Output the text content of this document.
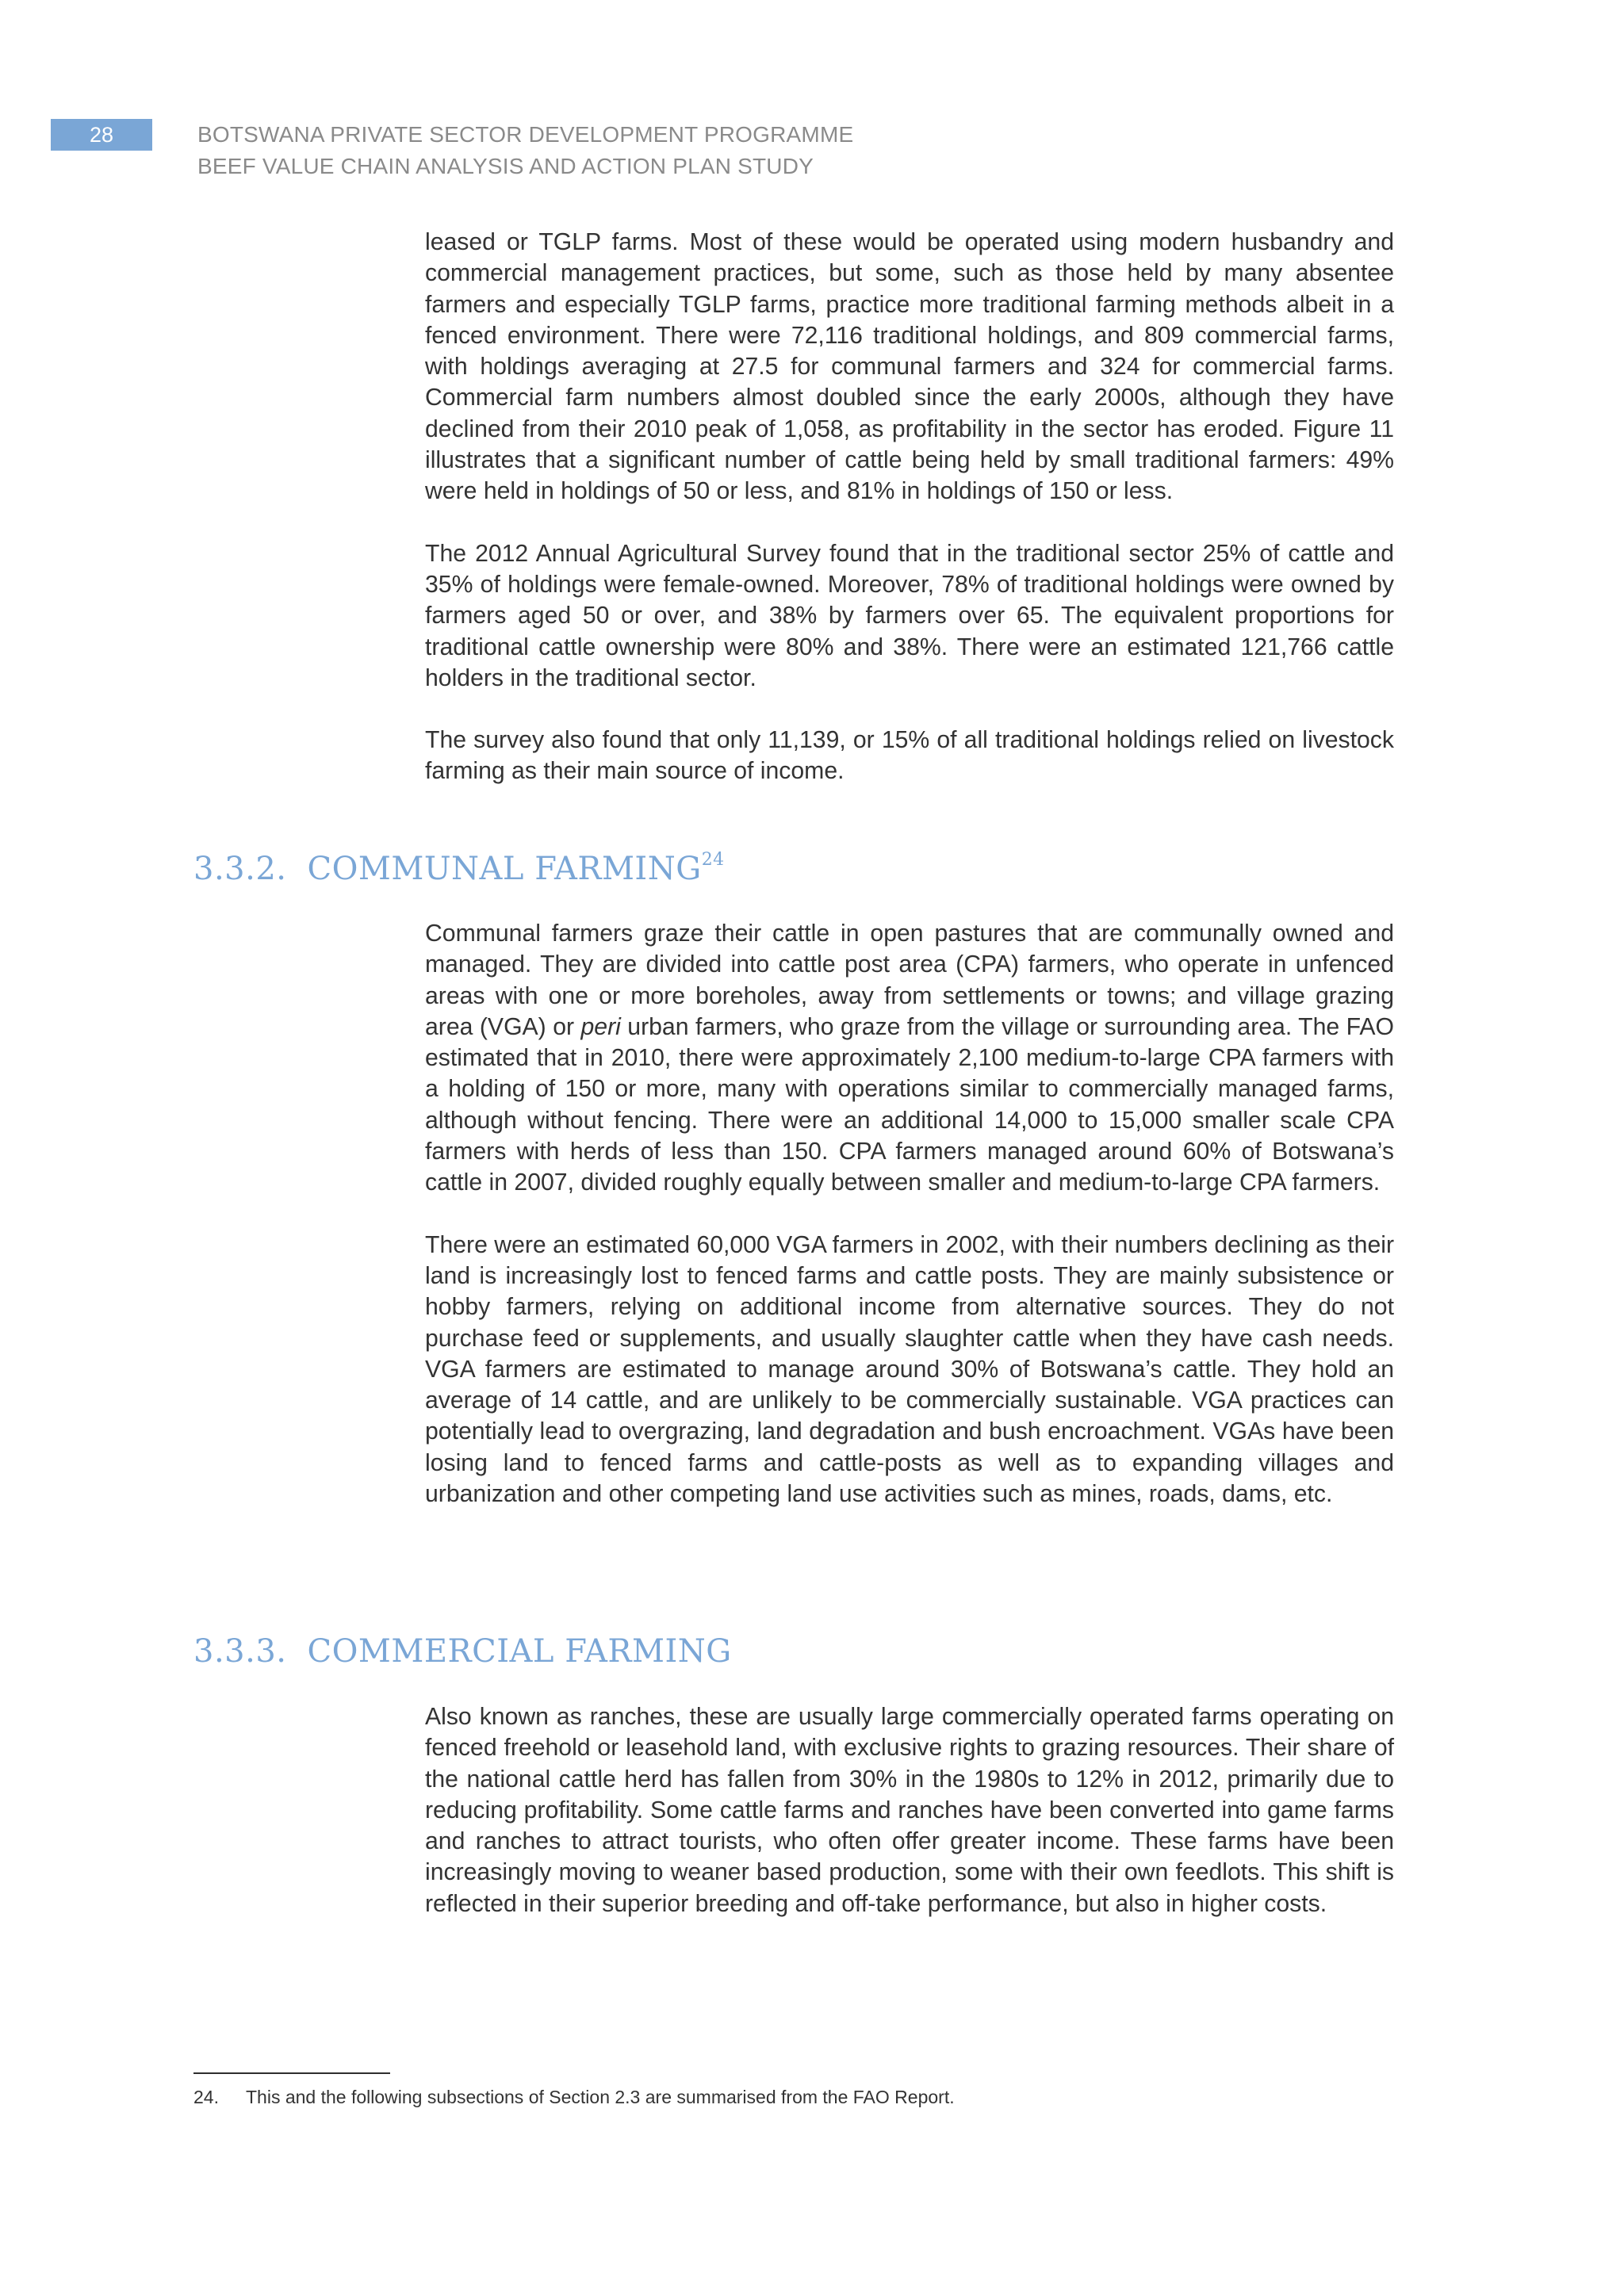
28	BOTSWANA PRIVATE SECTOR DEVELOPMENT PROGRAMME
BEEF VALUE CHAIN ANALYSIS AND ACTION PLAN STUDY

leased or TGLP farms. Most of these would be operated using modern husbandry and commercial management practices, but some, such as those held by many absentee farmers and especially TGLP farms, practice more traditional farming methods albeit in a fenced environment. There were 72,116 traditional holdings, and 809 commercial farms, with holdings averaging at 27.5 for communal farmers and 324 for commercial farms. Commercial farm numbers almost doubled since the early 2000s, although they have declined from their 2010 peak of 1,058, as profitability in the sector has eroded. Figure 11 illustrates that a significant number of cattle being held by small traditional farmers: 49% were held in holdings of 50 or less, and 81% in holdings of 150 or less.

The 2012 Annual Agricultural Survey found that in the traditional sector 25% of cattle and 35% of holdings were female-owned. Moreover, 78% of traditional holdings were owned by farmers aged 50 or over, and 38% by farmers over 65. The equivalent proportions for traditional cattle ownership were 80% and 38%. There were an estimated 121,766 cattle holders in the traditional sector.

The survey also found that only 11,139, or 15% of all traditional holdings relied on livestock farming as their main source of income.

3.3.2. COMMUNAL FARMING$^{24}$

Communal farmers graze their cattle in open pastures that are communally owned and managed. They are divided into cattle post area (CPA) farmers, who operate in unfenced areas with one or more boreholes, away from settlements or towns; and village grazing area (VGA) or peri urban farmers, who graze from the village or surrounding area. The FAO estimated that in 2010, there were approximately 2,100 medium-to-large CPA farmers with a holding of 150 or more, many with operations similar to commercially managed farms, although without fencing. There were an additional 14,000 to 15,000 smaller scale CPA farmers with herds of less than 150. CPA farmers managed around 60% of Botswana’s cattle in 2007, divided roughly equally between smaller and medium-to-large CPA farmers.

There were an estimated 60,000 VGA farmers in 2002, with their numbers declining as their land is increasingly lost to fenced farms and cattle posts. They are mainly subsistence or hobby farmers, relying on additional income from alternative sources. They do not purchase feed or supplements, and usually slaughter cattle when they have cash needs. VGA farmers are estimated to manage around 30% of Botswana’s cattle. They hold an average of 14 cattle, and are unlikely to be commercially sustainable. VGA practices can potentially lead to overgrazing, land degradation and bush encroachment. VGAs have been losing land to fenced farms and cattle-posts as well as to expanding villages and urbanization and other competing land use activities such as mines, roads, dams, etc.

3.3.3. COMMERCIAL FARMING

Also known as ranches, these are usually large commercially operated farms operating on fenced freehold or leasehold land, with exclusive rights to grazing resources. Their share of the national cattle herd has fallen from 30% in the 1980s to 12% in 2012, primarily due to reducing profitability. Some cattle farms and ranches have been converted into game farms and ranches to attract tourists, who often offer greater income. These farms have been increasingly moving to weaner based production, some with their own feedlots. This shift is reflected in their superior breeding and off-take performance, but also in higher costs.

24. This and the following subsections of Section 2.3 are summarised from the FAO Report.
